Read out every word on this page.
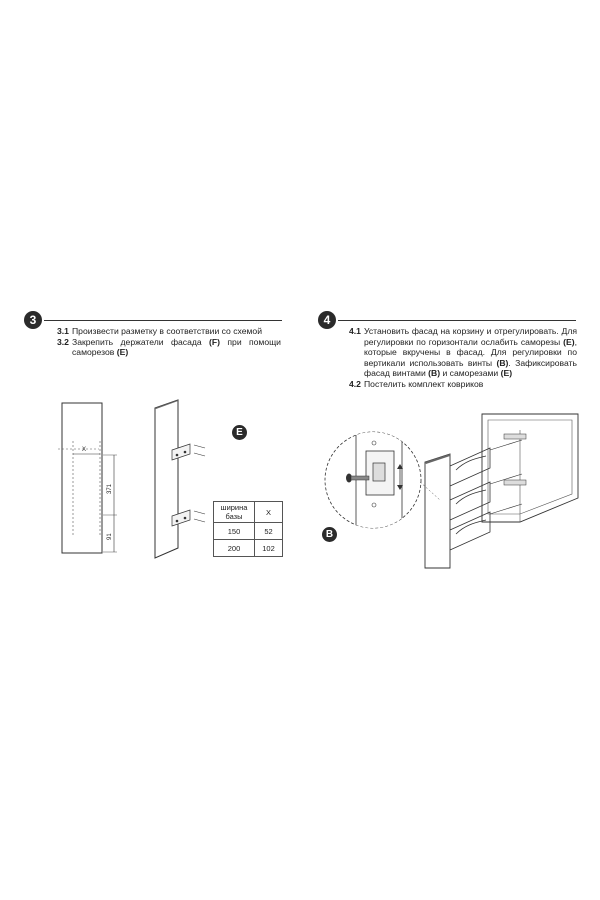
3
3.1 Произвести разметку в соответствии со схемой
3.2 Закрепить держатели фасада (F) при помощи саморезов (E)
X
371
91
E
ширина базы	X
150	52
200	102
4
4.1 Установить фасад на корзину и отрегулировать. Для регулировки по горизонтали ослабить саморезы (E), которые вкручены в фасад. Для регулировки по вертикали использовать винты (B). Зафиксировать фасад винтами (B) и саморезами (E)
4.2 Постелить комплект ковриков
B
